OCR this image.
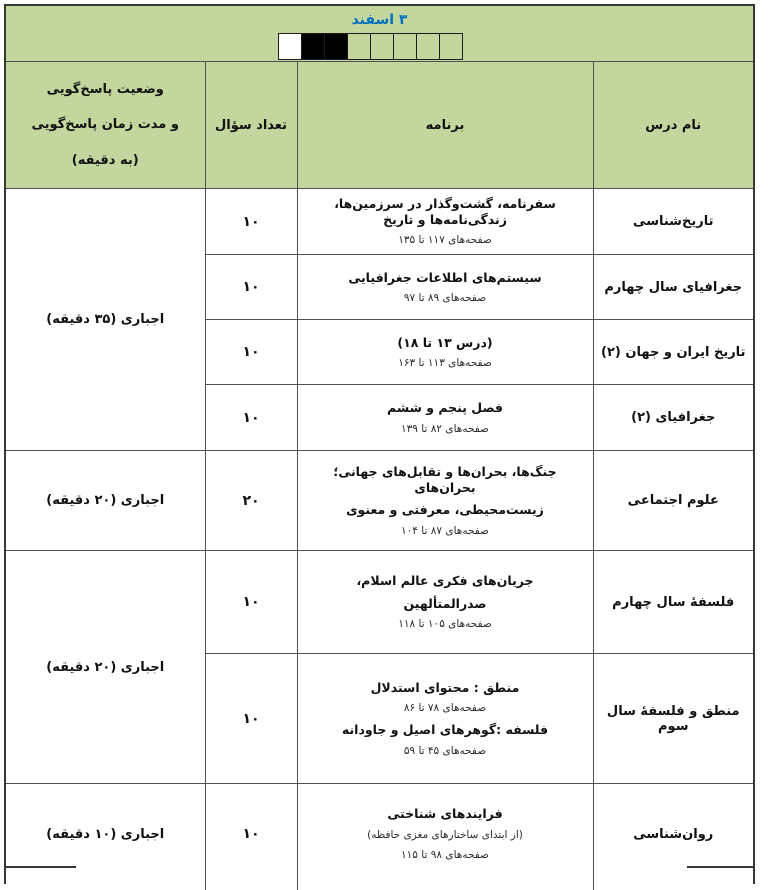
۳ اسفند			

نام درس	برنامه	تعداد سؤال	وضعیت پاسخ‌گویی
و مدت زمان پاسخ‌گویی
(به دقیقه)

تاریخ‌شناسی	سفرنامه، گشت‌وگذار در سرزمین‌ها، زندگی‌نامه‌ها و تاریخ
صفحه‌های ۱۱۷ تا ۱۳۵	۱۰	اجباری (۳۵ دقیقه)
جغرافیای سال چهارم	سیستم‌های اطلاعات جغرافیایی
صفحه‌های ۸۹ تا ۹۷	۱۰	
تاریخ ایران و جهان (۲)	(درس ۱۳ تا ۱۸)
صفحه‌های ۱۱۳ تا ۱۶۳	۱۰	
جغرافیای (۲)	فصل پنجم و ششم
صفحه‌های ۸۲ تا ۱۳۹	۱۰	
علوم اجتماعی	جنگ‌ها، بحران‌ها و تقابل‌های جهانی؛ بحران‌های
زیست‌محیطی، معرفتی و معنوی
صفحه‌های ۸۷ تا ۱۰۴	۲۰	اجباری (۲۰ دقیقه)
فلسفهٔ سال چهارم	جریان‌های فکری عالم اسلام،
صدرالمتألهین
صفحه‌های ۱۰۵ تا ۱۱۸	۱۰	اجباری (۲۰ دقیقه)
منطق و فلسفهٔ سال سوم	منطق : محتوای استدلال
صفحه‌های ۷۸ تا ۸۶
فلسفه :گوهرهای اصیل و جاودانه
صفحه‌های ۴۵ تا ۵۹	۱۰	
روان‌شناسی	فرایندهای شناختی
(از ابتدای ساختارهای مغزی حافظه)
صفحه‌های ۹۸ تا ۱۱۵	۱۰	اجباری (۱۰ دقیقه)
